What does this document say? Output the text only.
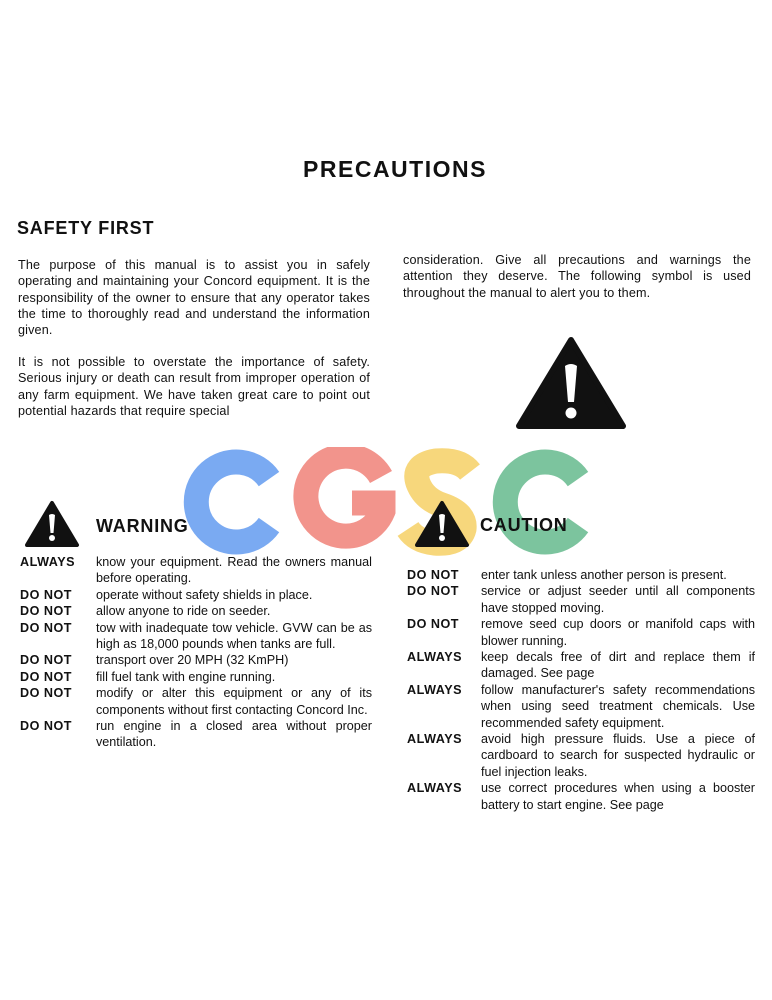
PRECAUTIONS
SAFETY FIRST
The purpose of this manual is to assist you in safely operating and maintaining your Concord equipment. It is the responsibility of the owner to ensure that any operator takes the time to thoroughly read and understand the information given.
It is not possible to overstate the importance of safety. Serious injury or death can result from improper operation of any farm equipment. We have taken great care to point out potential hazards that require special
consideration. Give all precautions and warnings the attention they deserve. The following symbol is used throughout the manual to alert you to them.
WARNING
ALWAYS	know your equipment. Read the owners manual before operating.
DO NOT	operate without safety shields in place.
DO NOT	allow anyone to ride on seeder.
DO NOT	tow with inadequate tow vehicle. GVW can be as high as 18,000 pounds when tanks are full.
DO NOT	transport over 20 MPH (32 KmPH)
DO NOT	fill fuel tank with engine running.
DO NOT	modify or alter this equipment or any of its components without first contacting Concord Inc.
DO NOT	run engine in a closed area without proper ventilation.
CAUTION
DO NOT	enter tank unless another person is present.
DO NOT	service or adjust seeder until all components have stopped moving.
DO NOT	remove seed cup doors or manifold caps with blower running.
ALWAYS	keep decals free of dirt and replace them if damaged. See page
ALWAYS	follow manufacturer's safety recommendations when using seed treatment chemicals. Use recommended safety equipment.
ALWAYS	avoid high pressure fluids. Use a piece of cardboard to search for suspected hydraulic or fuel injection leaks.
ALWAYS	use correct procedures when using a booster battery to start engine. See page
